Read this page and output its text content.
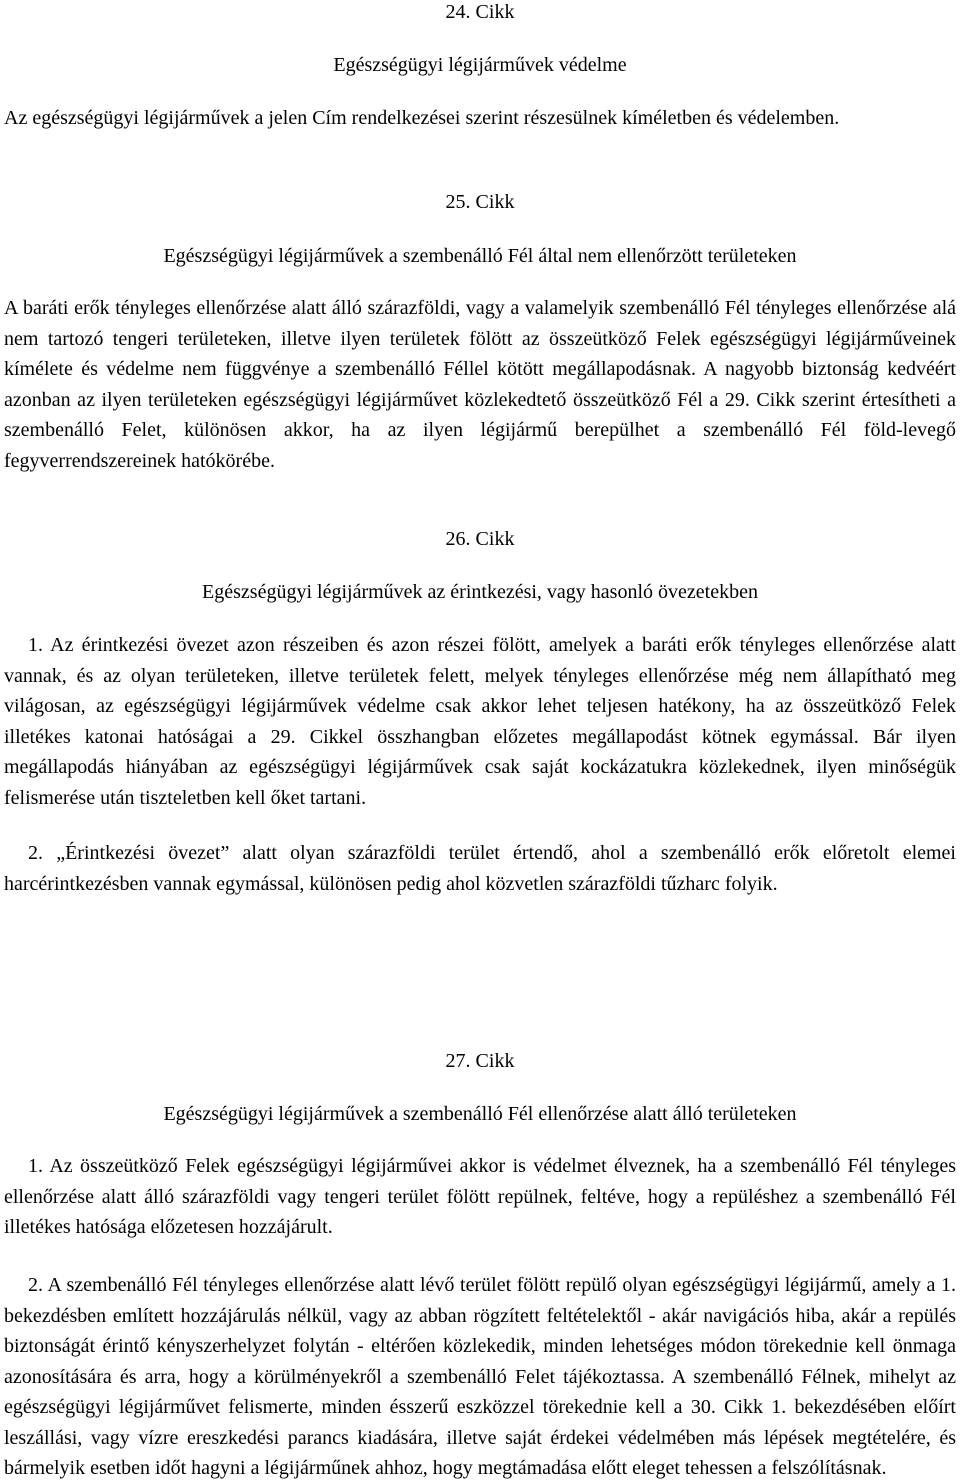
24. Cikk

Egészségügyi légijárművek védelme

Az egészségügyi légijárművek a jelen Cím rendelkezései szerint részesülnek kíméletben és védelemben.

25. Cikk

Egészségügyi légijárművek a szembenálló Fél által nem ellenőrzött területeken

A baráti erők tényleges ellenőrzése alatt álló szárazföldi, vagy a valamelyik szembenálló Fél tényleges ellenőrzése alá nem tartozó tengeri területeken, illetve ilyen területek fölött az összeütköző Felek egészségügyi légijárműveinek kímélete és védelme nem függvénye a szembenálló Féllel kötött megállapodásnak. A nagyobb biztonság kedvéért azonban az ilyen területeken egészségügyi légijárművet közlekedtető összeütköző Fél a 29. Cikk szerint értesítheti a szembenálló Felet, különösen akkor, ha az ilyen légijármű berepülhet a szembenálló Fél föld-levegő fegyverrendszereinek hatókörébe.

26. Cikk

Egészségügyi légijárművek az érintkezési, vagy hasonló övezetekben

1. Az érintkezési övezet azon részeiben és azon részei fölött, amelyek a baráti erők tényleges ellenőrzése alatt vannak, és az olyan területeken, illetve területek felett, melyek tényleges ellenőrzése még nem állapítható meg világosan, az egészségügyi légijárművek védelme csak akkor lehet teljesen hatékony, ha az összeütköző Felek illetékes katonai hatóságai a 29. Cikkel összhangban előzetes megállapodást kötnek egymással. Bár ilyen megállapodás hiányában az egészségügyi légijárművek csak saját kockázatukra közlekednek, ilyen minőségük felismerése után tiszteletben kell őket tartani.

2. „Érintkezési övezet” alatt olyan szárazföldi terület értendő, ahol a szembenálló erők előretolt elemei harcérintkezésben vannak egymással, különösen pedig ahol közvetlen szárazföldi tűzharc folyik.

27. Cikk

Egészségügyi légijárművek a szembenálló Fél ellenőrzése alatt álló területeken

1. Az összeütköző Felek egészségügyi légijárművei akkor is védelmet élveznek, ha a szembenálló Fél tényleges ellenőrzése alatt álló szárazföldi vagy tengeri terület fölött repülnek, feltéve, hogy a repüléshez a szembenálló Fél illetékes hatósága előzetesen hozzájárult.

2. A szembenálló Fél tényleges ellenőrzése alatt lévő terület fölött repülő olyan egészségügyi légijármű, amely a 1. bekezdésben említett hozzájárulás nélkül, vagy az abban rögzített feltételektől - akár navigációs hiba, akár a repülés biztonságát érintő kényszerhelyzet folytán - eltérően közlekedik, minden lehetséges módon törekednie kell önmaga azonosítására és arra, hogy a körülményekről a szembenálló Felet tájékoztassa. A szembenálló Félnek, mihelyt az egészségügyi légijárművet felismerte, minden ésszerű eszközzel törekednie kell a 30. Cikk 1. bekezdésében előírt leszállási, vagy vízre ereszkedési parancs kiadására, illetve saját érdekei védelmében más lépések megtételére, és bármelyik esetben időt hagyni a légijárműnek ahhoz, hogy megtámadása előtt eleget tehessen a felszólításnak.
